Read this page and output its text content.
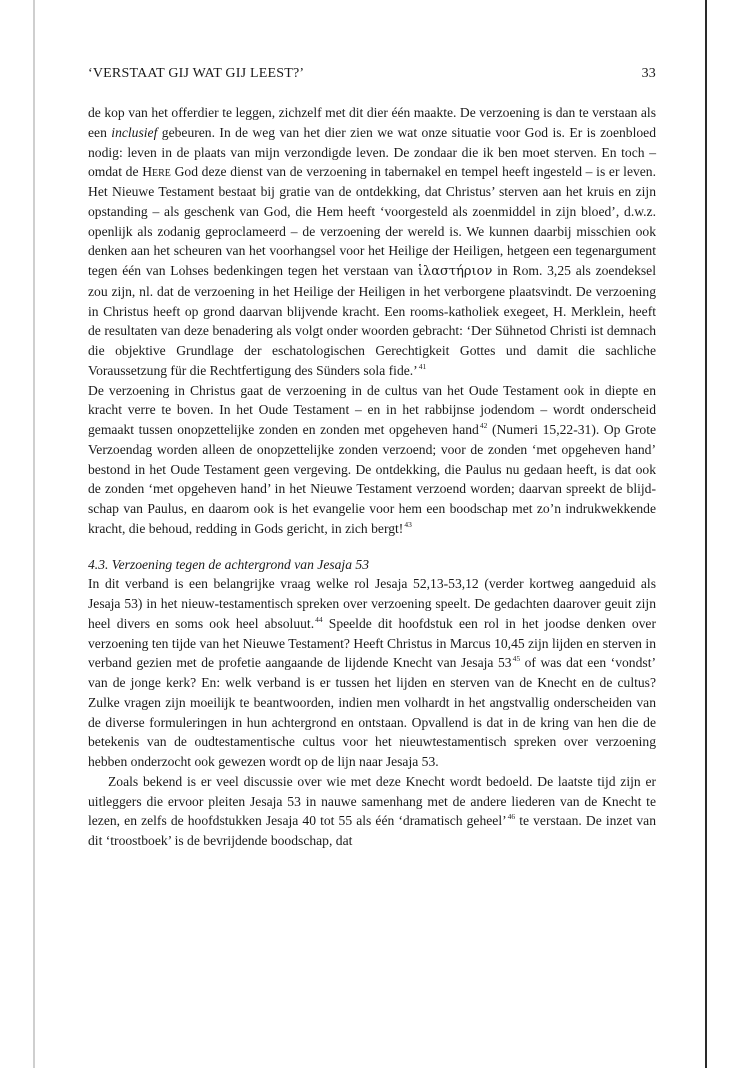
‘VERSTAAT GIJ WAT GIJ LEEST?’	33

de kop van het offerdier te leggen, zichzelf met dit dier één maakte. De verzoening is dan te verstaan als een inclusief gebeuren. In de weg van het dier zien we wat onze situatie voor God is. Er is zoenbloed nodig: leven in de plaats van mijn verzondigde leven. De zondaar die ik ben moet sterven. En toch – omdat de Here God deze dienst van de verzoening in tabernakel en tempel heeft ingesteld – is er leven. Het Nieuwe Testament bestaat bij gratie van de ontdekking, dat Christus’ sterven aan het kruis en zijn opstanding – als geschenk van God, die Hem heeft ‘voorgesteld als zoenmiddel in zijn bloed’, d.w.z. openlijk als zodanig geproclameerd – de verzoening der wereld is. We kunnen daarbij misschien ook denken aan het scheuren van het voorhangsel voor het Heilige der Heiligen, hetgeen een tegenargument tegen één van Lohses bedenkingen tegen het verstaan van ἱλαστήριον in Rom. 3,25 als zoendeksel zou zijn, nl. dat de verzoening in het Heilige der Heiligen in het verborgene plaatsvindt. De verzoening in Christus heeft op grond daarvan blijvende kracht. Een rooms-katholiek exegeet, H. Merklein, heeft de resultaten van deze benadering als volgt onder woorden gebracht: ‘Der Sühnetod Christi ist demnach die objektive Grundlage der eschatologischen Gerechtigkeit Gottes und damit die sachliche Voraussetzung für die Rechtfertigung des Sünders sola fide.’$^{41}$

De verzoening in Christus gaat de verzoening in de cultus van het Oude Testament ook in diepte en kracht verre te boven. In het Oude Testament – en in het rabbijnse jodendom – wordt onderscheid gemaakt tussen onopzettelijke zonden en zonden met opgeheven hand$^{42}$ (Numeri 15,22-31). Op Grote Verzoendag worden alleen de onopzettelijke zonden verzoend; voor de zonden ‘met opgeheven hand’ bestond in het Oude Testament geen vergeving. De ontdekking, die Paulus nu gedaan heeft, is dat ook de zonden ‘met opgeheven hand’ in het Nieuwe Testament verzoend worden; daarvan spreekt de blijdschap van Paulus, en daarom ook is het evangelie voor hem een boodschap met zo’n indrukwekkende kracht, die behoud, redding in Gods gericht, in zich bergt!$^{43}$

4.3. Verzoening tegen de achtergrond van Jesaja 53

In dit verband is een belangrijke vraag welke rol Jesaja 52,13-53,12 (verder kortweg aangeduid als Jesaja 53) in het nieuw-testamentisch spreken over verzoening speelt. De gedachten daarover geuit zijn heel divers en soms ook heel absoluut.$^{44}$ Speelde dit hoofdstuk een rol in het joodse denken over verzoening ten tijde van het Nieuwe Testament? Heeft Christus in Marcus 10,45 zijn lijden en sterven in verband gezien met de profetie aangaande de lijdende Knecht van Jesaja 53$^{45}$ of was dat een ‘vondst’ van de jonge kerk? En: welk verband is er tussen het lijden en sterven van de Knecht en de cultus? Zulke vragen zijn moeilijk te beantwoorden, indien men volhardt in het angstvallig onderscheiden van de diverse formuleringen in hun achtergrond en ontstaan. Opvallend is dat in de kring van hen die de betekenis van de oudtestamentische cultus voor het nieuwtestamentisch spreken over verzoening hebben onderzocht ook gewezen wordt op de lijn naar Jesaja 53.

Zoals bekend is er veel discussie over wie met deze Knecht wordt bedoeld. De laatste tijd zijn er uitleggers die ervoor pleiten Jesaja 53 in nauwe samenhang met de andere liederen van de Knecht te lezen, en zelfs de hoofdstukken Jesaja 40 tot 55 als één ‘dramatisch geheel’$^{46}$ te verstaan. De inzet van dit ‘troostboek’ is de bevrijdende boodschap, dat
